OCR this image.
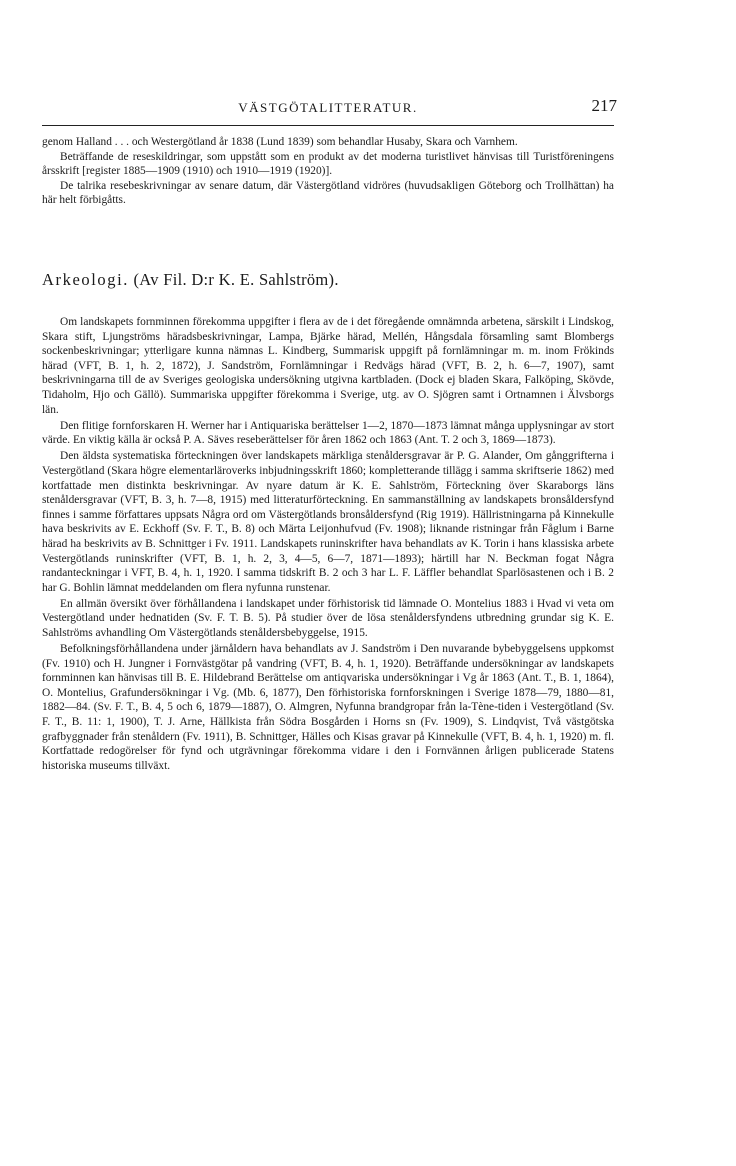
VÄSTGÖTALITTERATUR.	217

genom Halland . . . och Westergötland år 1838 (Lund 1839) som behandlar Husaby, Skara och Varnhem.

Beträffande de reseskildringar, som uppstått som en produkt av det moderna turistlivet hänvisas till Turistföreningens årsskrift [register 1885—1909 (1910) och 1910—1919 (1920)].

De talrika resebeskrivningar av senare datum, där Västergötland vidröres (huvudsakligen Göteborg och Trollhättan) ha här helt förbigåtts.

Arkeologi. (Av Fil. D:r K. E. Sahlström).

Om landskapets fornminnen förekomma uppgifter i flera av de i det föregående omnämnda arbetena, särskilt i Lindskog, Skara stift, Ljungströms häradsbeskrivningar, Lampa, Bjärke härad, Mellén, Hångsdala församling samt Blombergs sockenbeskrivningar; ytterligare kunna nämnas L. Kindberg, Summarisk uppgift på fornlämningar m. m. inom Frökinds härad (VFT, B. 1, h. 2, 1872), J. Sandström, Fornlämningar i Redvägs härad (VFT, B. 2, h. 6—7, 1907), samt beskrivningarna till de av Sveriges geologiska undersökning utgivna kartbladen. (Dock ej bladen Skara, Falköping, Skövde, Tidaholm, Hjo och Gällö). Summariska uppgifter förekomma i Sverige, utg. av O. Sjögren samt i Ortnamnen i Älvsborgs län.

Den flitige fornforskaren H. Werner har i Antiquariska berättelser 1—2, 1870—1873 lämnat många upplysningar av stort värde. En viktig källa är också P. A. Säves reseberättelser för åren 1862 och 1863 (Ant. T. 2 och 3, 1869—1873).

Den äldsta systematiska förteckningen över landskapets märkliga stenåldersgravar är P. G. Alander, Om gånggrifterna i Vestergötland (Skara högre elementarläroverks inbjudningsskrift 1860; kompletterande tillägg i samma skriftserie 1862) med kortfattade men distinkta beskrivningar. Av nyare datum är K. E. Sahlström, Förteckning över Skaraborgs läns stenåldersgravar (VFT, B. 3, h. 7—8, 1915) med litteraturförteckning. En sammanställning av landskapets bronsåldersfynd finnes i samme författares uppsats Några ord om Västergötlands bronsåldersfynd (Rig 1919). Hällristningarna på Kinnekulle hava beskrivits av E. Eckhoff (Sv. F. T., B. 8) och Märta Leijonhufvud (Fv. 1908); liknande ristningar från Fåglum i Barne härad ha beskrivits av B. Schnittger i Fv. 1911. Landskapets runinskrifter hava behandlats av K. Torin i hans klassiska arbete Vestergötlands runinskrifter (VFT, B. 1, h. 2, 3, 4—5, 6—7, 1871—1893); härtill har N. Beckman fogat Några randanteckningar i VFT, B. 4, h. 1, 1920. I samma tidskrift B. 2 och 3 har L. F. Läffler behandlat Sparlösastenen och i B. 2 har G. Bohlin lämnat meddelanden om flera nyfunna runstenar.

En allmän översikt över förhållandena i landskapet under förhistorisk tid lämnade O. Montelius 1883 i Hvad vi veta om Vestergötland under hednatiden (Sv. F. T. B. 5). På studier över de lösa stenåldersfyndens utbredning grundar sig K. E. Sahlströms avhandling Om Västergötlands stenåldersbebyggelse, 1915.

Befolkningsförhållandena under järnåldern hava behandlats av J. Sandström i Den nuvarande bybebyggelsens uppkomst (Fv. 1910) och H. Jungner i Fornvästgötar på vandring (VFT, B. 4, h. 1, 1920). Beträffande undersökningar av landskapets fornminnen kan hänvisas till B. E. Hildebrand Berättelse om antiqvariska undersökningar i Vg år 1863 (Ant. T., B. 1, 1864), O. Montelius, Grafundersökningar i Vg. (Mb. 6, 1877), Den förhistoriska fornforskningen i Sverige 1878—79, 1880—81, 1882—84. (Sv. F. T., B. 4, 5 och 6, 1879—1887), O. Almgren, Nyfunna brandgropar från la-Tène-tiden i Vestergötland (Sv. F. T., B. 11: 1, 1900), T. J. Arne, Hällkista från Södra Bosgården i Horns sn (Fv. 1909), S. Lindqvist, Två västgötska grafbyggnader från stenåldern (Fv. 1911), B. Schnittger, Hälles och Kisas gravar på Kinnekulle (VFT, B. 4, h. 1, 1920) m. fl. Kortfattade redogörelser för fynd och utgrävningar förekomma vidare i den i Fornvännen årligen publicerade Statens historiska museums tillväxt.
